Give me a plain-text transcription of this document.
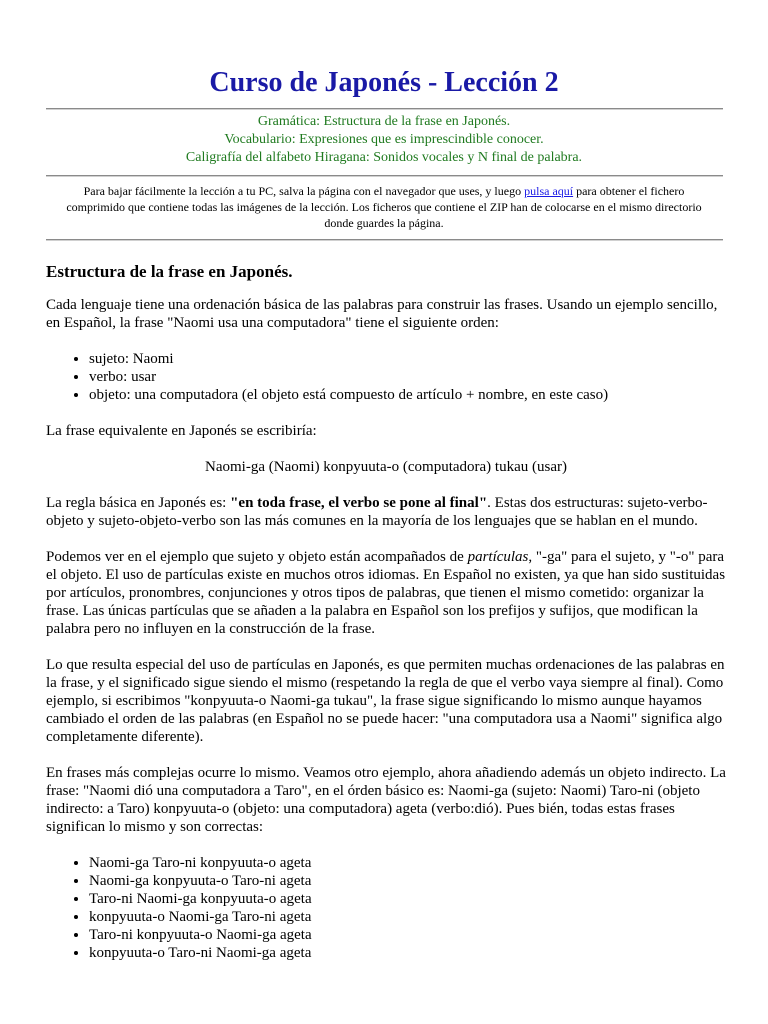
Curso de Japonés - Lección 2
Gramática: Estructura de la frase en Japonés.
Vocabulario: Expresiones que es imprescindible conocer.
Caligrafía del alfabeto Hiragana: Sonidos vocales y N final de palabra.
Para bajar fácilmente la lección a tu PC, salva la página con el navegador que uses, y luego pulsa aquí para obtener el fichero comprimido que contiene todas las imágenes de la lección. Los ficheros que contiene el ZIP han de colocarse en el mismo directorio donde guardes la página.
Estructura de la frase en Japonés.

Cada lenguaje tiene una ordenación básica de las palabras para construir las frases. Usando un ejemplo sencillo, en Español, la frase "Naomi usa una computadora" tiene el siguiente orden:

• sujeto: Naomi
• verbo: usar
• objeto: una computadora (el objeto está compuesto de artículo + nombre, en este caso)

La frase equivalente en Japonés se escribiría:

Naomi-ga (Naomi) konpyuuta-o (computadora) tukau (usar)

La regla básica en Japonés es: "en toda frase, el verbo se pone al final". Estas dos estructuras: sujeto-verbo-objeto y sujeto-objeto-verbo son las más comunes en la mayoría de los lenguajes que se hablan en el mundo.

Podemos ver en el ejemplo que sujeto y objeto están acompañados de partículas, "-ga" para el sujeto, y "-o" para el objeto. El uso de partículas existe en muchos otros idiomas. En Español no existen, ya que han sido sustituidas por artículos, pronombres, conjunciones y otros tipos de palabras, que tienen el mismo cometido: organizar la frase. Las únicas partículas que se añaden a la palabra en Español son los prefijos y sufijos, que modifican la palabra pero no influyen en la construcción de la frase.

Lo que resulta especial del uso de partículas en Japonés, es que permiten muchas ordenaciones de las palabras en la frase, y el significado sigue siendo el mismo (respetando la regla de que el verbo vaya siempre al final). Como ejemplo, si escribimos "konpyuuta-o Naomi-ga tukau", la frase sigue significando lo mismo aunque hayamos cambiado el orden de las palabras (en Español no se puede hacer: "una computadora usa a Naomi" significa algo completamente diferente).

En frases más complejas ocurre lo mismo. Veamos otro ejemplo, ahora añadiendo además un objeto indirecto. La frase: "Naomi dió una computadora a Taro", en el órden básico es: Naomi-ga (sujeto: Naomi) Taro-ni (objeto indirecto: a Taro) konpyuuta-o (objeto: una computadora) ageta (verbo:dió). Pues bién, todas estas frases significan lo mismo y son correctas:

• Naomi-ga Taro-ni konpyuuta-o ageta
• Naomi-ga konpyuuta-o Taro-ni ageta
• Taro-ni Naomi-ga konpyuuta-o ageta
• konpyuuta-o Naomi-ga Taro-ni ageta
• Taro-ni konpyuuta-o Naomi-ga ageta
• konpyuuta-o Taro-ni Naomi-ga ageta
